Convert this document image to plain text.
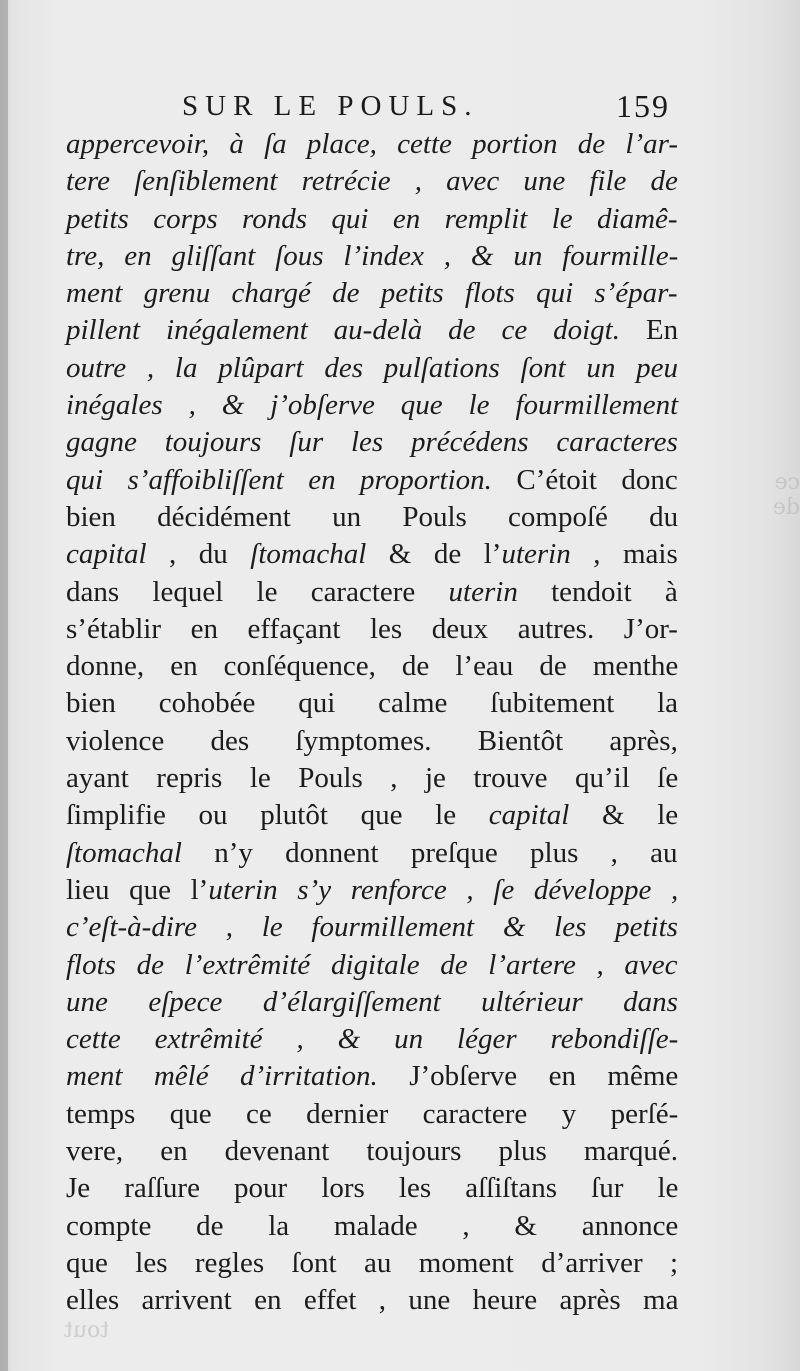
ce de
tout
SUR LE POULS.	159
appercevoir, à ſa place, cette portion de l’ar-
tere ſenſiblement retrécie , avec une file de
petits corps ronds qui en remplit le diamê-
tre, en gliſſant ſous l’index , & un fourmille-
ment grenu chargé de petits flots qui s’épar-
pillent inégalement au-delà de ce doigt. En
outre , la plûpart des pulſations ſont un peu
inégales , & j’obſerve que le fourmillement
gagne toujours ſur les précédens caracteres
qui s’affoibliſſent en proportion. C’étoit donc
bien décidément un Pouls compoſé du
capital , du ſtomachal & de l’uterin , mais
dans lequel le caractere uterin tendoit à
s’établir en effaçant les deux autres. J’or-
donne, en conſéquence, de l’eau de menthe
bien cohobée qui calme ſubitement la
violence des ſymptomes. Bientôt après,
ayant repris le Pouls , je trouve qu’il ſe
ſimplifie ou plutôt que le capital & le
ſtomachal n’y donnent preſque plus , au
lieu que l’uterin s’y renforce , ſe développe ,
c’eſt-à-dire , le fourmillement & les petits
flots de l’extrêmité digitale de l’artere , avec
une eſpece d’élargiſſement ultérieur dans
cette extrêmité , & un léger rebondiſſe-
ment mêlé d’irritation. J’obſerve en même
temps que ce dernier caractere y perſé-
vere, en devenant toujours plus marqué.
Je raſſure pour lors les aſſiſtans ſur le
compte de la malade , & annonce
que les regles ſont au moment d’arriver ;
elles arrivent en effet , une heure après ma
